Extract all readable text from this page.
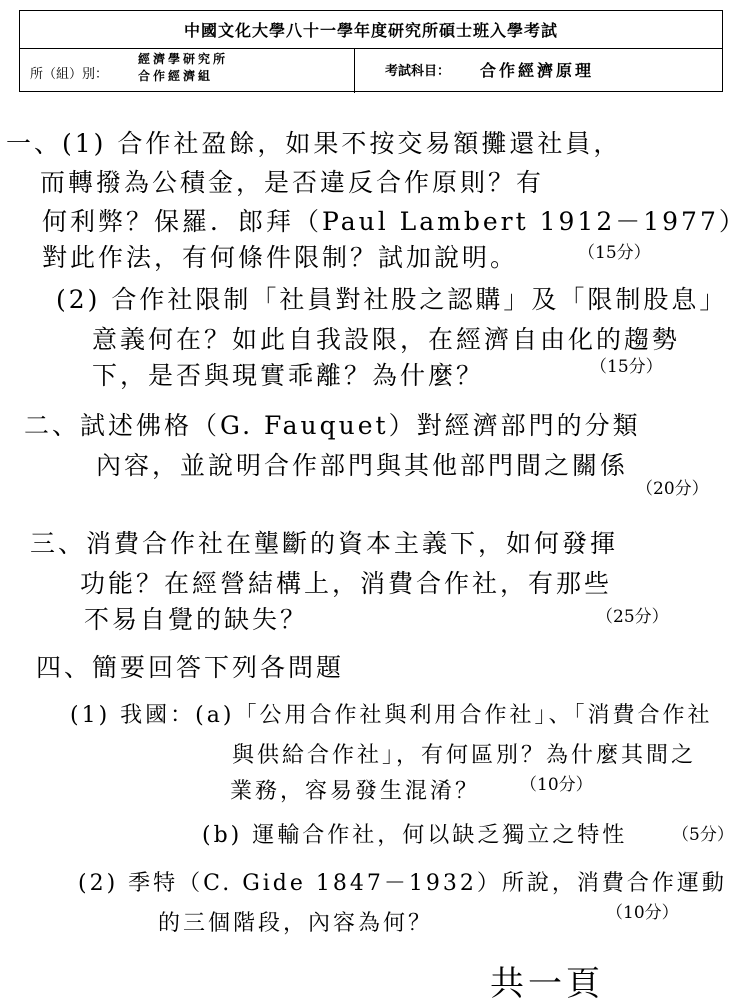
中國文化大學八十一學年度研究所碩士班入學考試
所（組）別：
經濟學研究所
合作經濟組	考試科目： 合作經濟原理
一、(1) 合作社盈餘，如果不按交易額攤還社員，
而轉撥為公積金，是否違反合作原則？有
何利弊？保羅．郎拜（Paul Lambert 1912－1977）
對此作法，有何條件限制？試加說明。	（15分）
(2) 合作社限制「社員對社股之認購」及「限制股息」
意義何在？如此自我設限，在經濟自由化的趨勢
下，是否與現實乖離？為什麼？	（15分）
二、試述佛格（G. Fauquet）對經濟部門的分類
內容，並說明合作部門與其他部門間之關係
（20分）
三、消費合作社在壟斷的資本主義下，如何發揮
功能？在經營結構上，消費合作社，有那些
不易自覺的缺失？	（25分）
四、簡要回答下列各問題
(1) 我國：(a)「公用合作社與利用合作社」、「消費合作社
與供給合作社」，有何區別？為什麼其間之
業務，容易發生混淆？ （10分）
(b) 運輸合作社，何以缺乏獨立之特性	（5分）
(2) 季特（C. Gide 1847－1932）所說，消費合作運動
的三個階段，內容為何？	（10分）
共一頁
